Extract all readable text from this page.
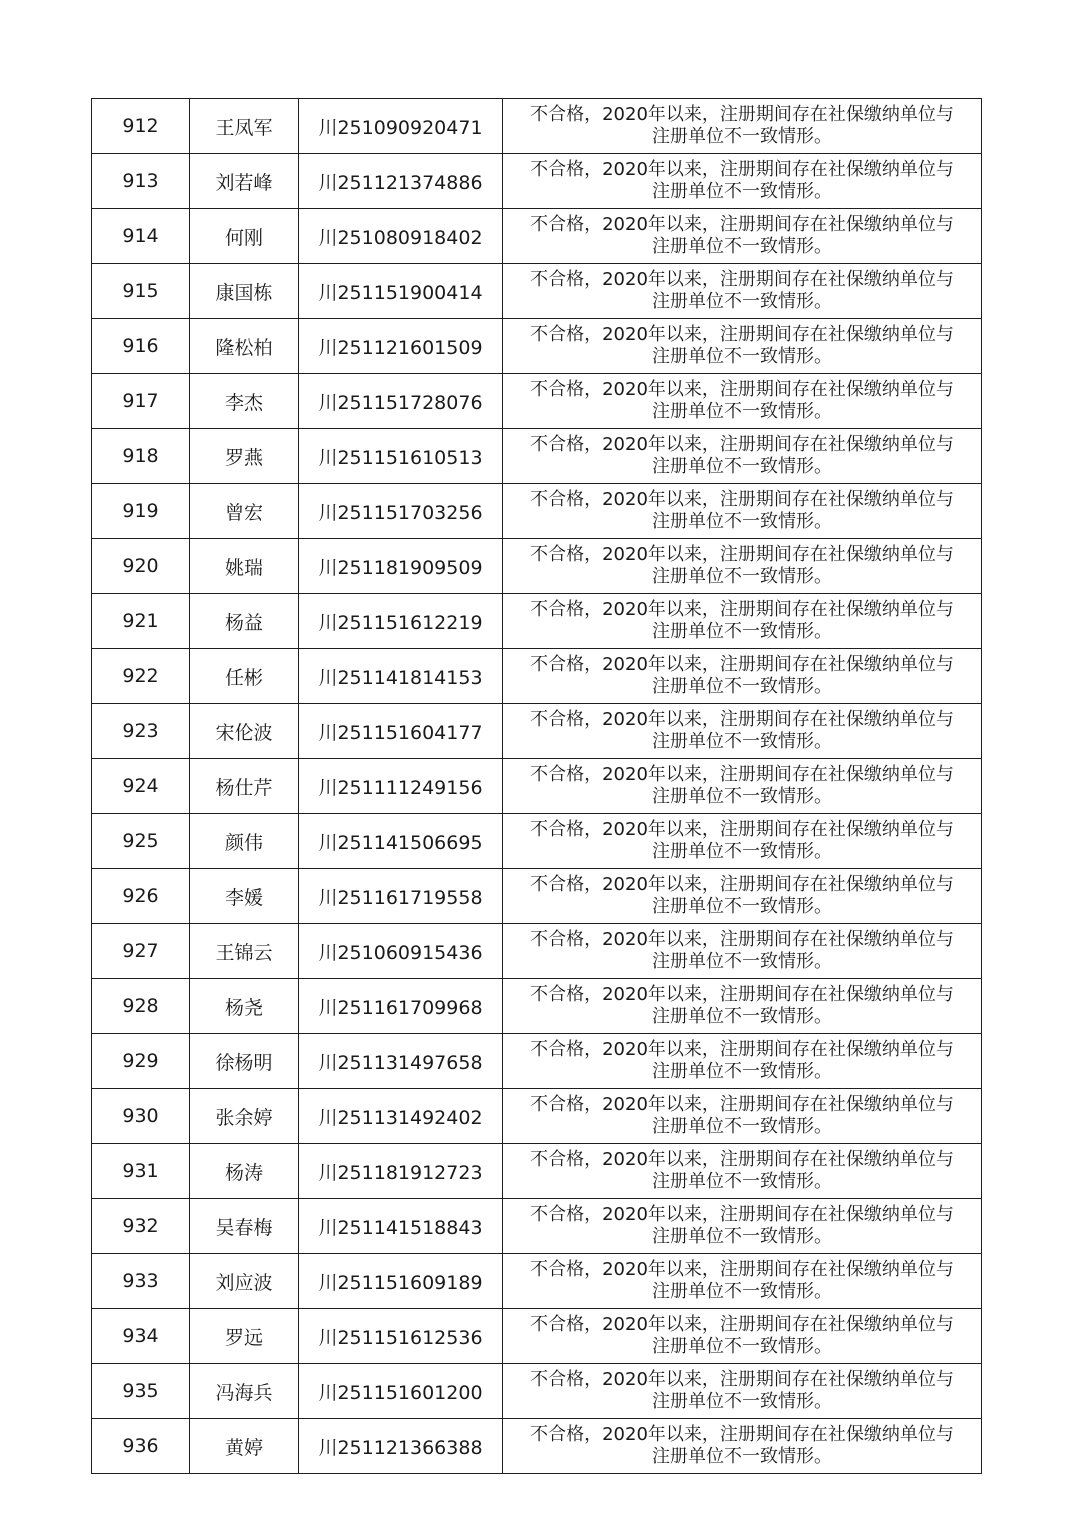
912	王凤军	川251090920471	不合格，2020年以来，注册期间存在社保缴纳单位与
注册单位不一致情形。

913	刘若峰	川251121374886	不合格，2020年以来，注册期间存在社保缴纳单位与
注册单位不一致情形。

914	何刚	川251080918402	不合格，2020年以来，注册期间存在社保缴纳单位与
注册单位不一致情形。

915	康国栋	川251151900414	不合格，2020年以来，注册期间存在社保缴纳单位与
注册单位不一致情形。

916	隆松柏	川251121601509	不合格，2020年以来，注册期间存在社保缴纳单位与
注册单位不一致情形。

917	李杰	川251151728076	不合格，2020年以来，注册期间存在社保缴纳单位与
注册单位不一致情形。

918	罗燕	川251151610513	不合格，2020年以来，注册期间存在社保缴纳单位与
注册单位不一致情形。

919	曾宏	川251151703256	不合格，2020年以来，注册期间存在社保缴纳单位与
注册单位不一致情形。

920	姚瑞	川251181909509	不合格，2020年以来，注册期间存在社保缴纳单位与
注册单位不一致情形。

921	杨益	川251151612219	不合格，2020年以来，注册期间存在社保缴纳单位与
注册单位不一致情形。

922	任彬	川251141814153	不合格，2020年以来，注册期间存在社保缴纳单位与
注册单位不一致情形。

923	宋伦波	川251151604177	不合格，2020年以来，注册期间存在社保缴纳单位与
注册单位不一致情形。

924	杨仕芹	川251111249156	不合格，2020年以来，注册期间存在社保缴纳单位与
注册单位不一致情形。

925	颜伟	川251141506695	不合格，2020年以来，注册期间存在社保缴纳单位与
注册单位不一致情形。

926	李媛	川251161719558	不合格，2020年以来，注册期间存在社保缴纳单位与
注册单位不一致情形。

927	王锦云	川251060915436	不合格，2020年以来，注册期间存在社保缴纳单位与
注册单位不一致情形。

928	杨尧	川251161709968	不合格，2020年以来，注册期间存在社保缴纳单位与
注册单位不一致情形。

929	徐杨明	川251131497658	不合格，2020年以来，注册期间存在社保缴纳单位与
注册单位不一致情形。

930	张余婷	川251131492402	不合格，2020年以来，注册期间存在社保缴纳单位与
注册单位不一致情形。

931	杨涛	川251181912723	不合格，2020年以来，注册期间存在社保缴纳单位与
注册单位不一致情形。

932	吴春梅	川251141518843	不合格，2020年以来，注册期间存在社保缴纳单位与
注册单位不一致情形。

933	刘应波	川251151609189	不合格，2020年以来，注册期间存在社保缴纳单位与
注册单位不一致情形。

934	罗远	川251151612536	不合格，2020年以来，注册期间存在社保缴纳单位与
注册单位不一致情形。

935	冯海兵	川251151601200	不合格，2020年以来，注册期间存在社保缴纳单位与
注册单位不一致情形。

936	黄婷	川251121366388	不合格，2020年以来，注册期间存在社保缴纳单位与
注册单位不一致情形。
